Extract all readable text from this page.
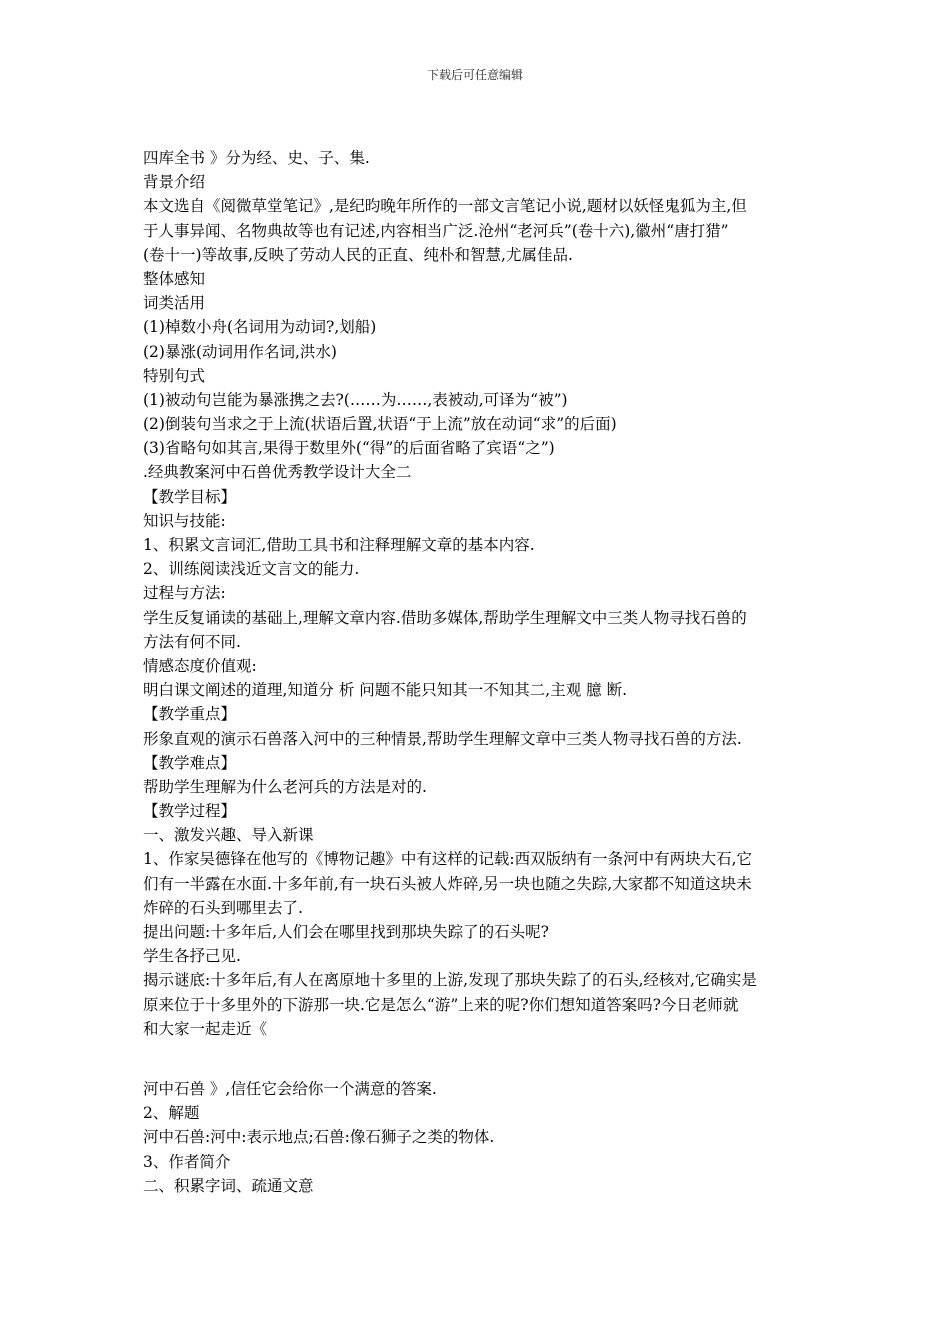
下载后可任意编辑
四库全书 》分为经、史、子、集.
背景介绍
本文选自《阅微草堂笔记》,是纪昀晚年所作的一部文言笔记小说,题材以妖怪鬼狐为主,但
于人事异闻、名物典故等也有记述,内容相当广泛.沧州“老河兵”(卷十六),徽州“唐打猎”
(卷十一)等故事,反映了劳动人民的正直、纯朴和智慧,尤属佳品.
整体感知
词类活用
(1)棹数小舟(名词用为动词?,划船)
(2)暴涨(动词用作名词,洪水)
特别句式
(1)被动句岂能为暴涨携之去?(……为……,表被动,可译为“被”)
(2)倒装句当求之于上流(状语后置,状语“于上流”放在动词“求”的后面)
(3)省略句如其言,果得于数里外(“得”的后面省略了宾语“之”)
.经典教案河中石兽优秀教学设计大全二
【教学目标】
知识与技能:
1、积累文言词汇,借助工具书和注释理解文章的基本内容.
2、训练阅读浅近文言文的能力.
过程与方法:
学生反复诵读的基础上,理解文章内容.借助多媒体,帮助学生理解文中三类人物寻找石兽的
方法有何不同.
情感态度价值观:
明白课文阐述的道理,知道分 析 问题不能只知其一不知其二,主观 臆 断.
【教学重点】
形象直观的演示石兽落入河中的三种情景,帮助学生理解文章中三类人物寻找石兽的方法.
【教学难点】
帮助学生理解为什么老河兵的方法是对的.
【教学过程】
一、激发兴趣、导入新课
1、作家吴德锋在他写的《博物记趣》中有这样的记载:西双版纳有一条河中有两块大石,它
们有一半露在水面.十多年前,有一块石头被人炸碎,另一块也随之失踪,大家都不知道这块未
炸碎的石头到哪里去了.
提出问题:十多年后,人们会在哪里找到那块失踪了的石头呢?
学生各抒己见.
揭示谜底:十多年后,有人在离原地十多里的上游,发现了那块失踪了的石头,经核对,它确实是
原来位于十多里外的下游那一块.它是怎么“游”上来的呢?你们想知道答案吗?今日老师就
和大家一起走近《
河中石兽 》,信任它会给你一个满意的答案.
2、解题
河中石兽:河中:表示地点;石兽:像石狮子之类的物体.
3、作者简介
二、积累字词、疏通文意
